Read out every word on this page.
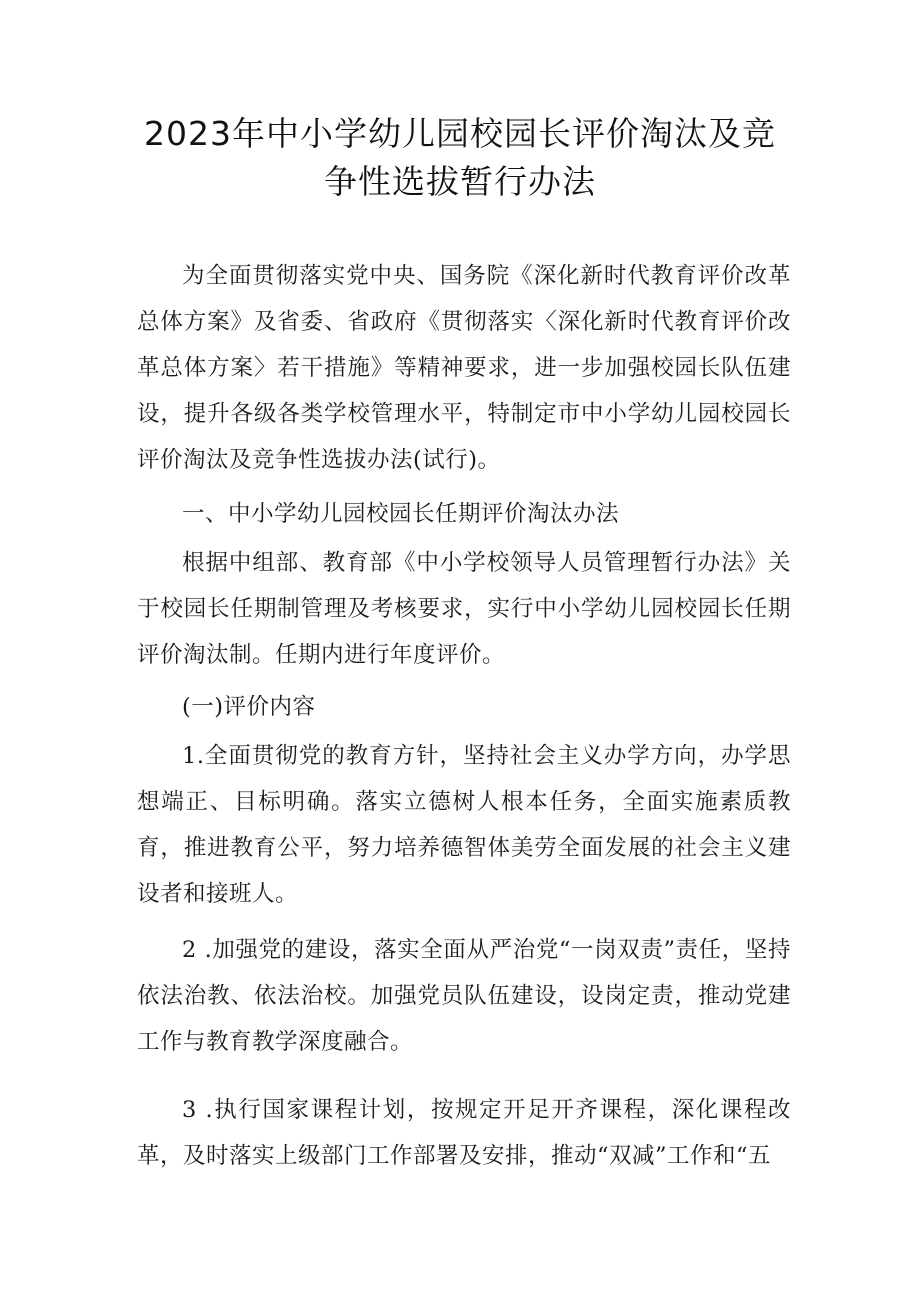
2023年中小学幼儿园校园长评价淘汰及竞
争性选拔暂行办法

为全面贯彻落实党中央、国务院《深化新时代教育评价改革总体方案》及省委、省政府《贯彻落实〈深化新时代教育评价改革总体方案〉若干措施》等精神要求，进一步加强校园长队伍建设，提升各级各类学校管理水平，特制定市中小学幼儿园校园长评价淘汰及竞争性选拔办法(试行)。

一、中小学幼儿园校园长任期评价淘汰办法

根据中组部、教育部《中小学校领导人员管理暂行办法》关于校园长任期制管理及考核要求，实行中小学幼儿园校园长任期评价淘汰制。任期内进行年度评价。

(一)评价内容

1.全面贯彻党的教育方针，坚持社会主义办学方向，办学思想端正、目标明确。落实立德树人根本任务，全面实施素质教育，推进教育公平，努力培养德智体美劳全面发展的社会主义建设者和接班人。

2 .加强党的建设，落实全面从严治党“一岗双责”责任，坚持依法治教、依法治校。加强党员队伍建设，设岗定责，推动党建工作与教育教学深度融合。

3 .执行国家课程计划，按规定开足开齐课程，深化课程改革，及时落实上级部门工作部署及安排，推动“双减”工作和“五
